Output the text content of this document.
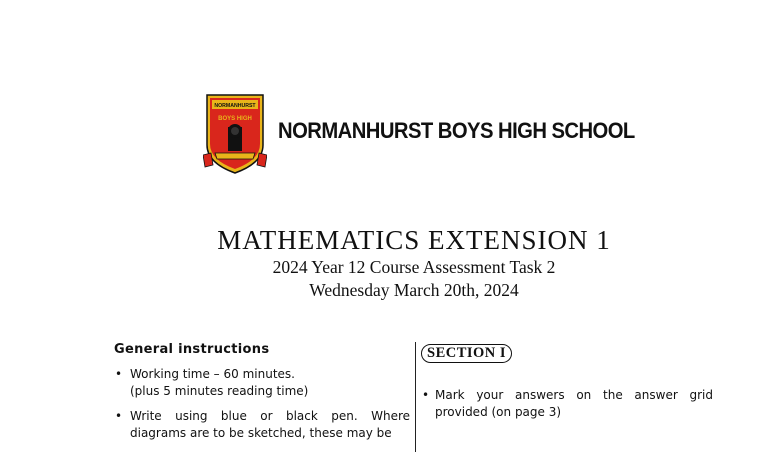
NORMANHURST
BOYS HIGH NORMANHURST BOYS HIGH SCHOOL
MATHEMATICS EXTENSION 1
2024 Year 12 Course Assessment Task 2
Wednesday March 20th, 2024
General instructions
• Working time – 60 minutes.
(plus 5 minutes reading time)
• Write using blue or black pen. Where diagrams are to be sketched, these may be
SECTION I
• Mark your answers on the answer grid provided (on page 3)
